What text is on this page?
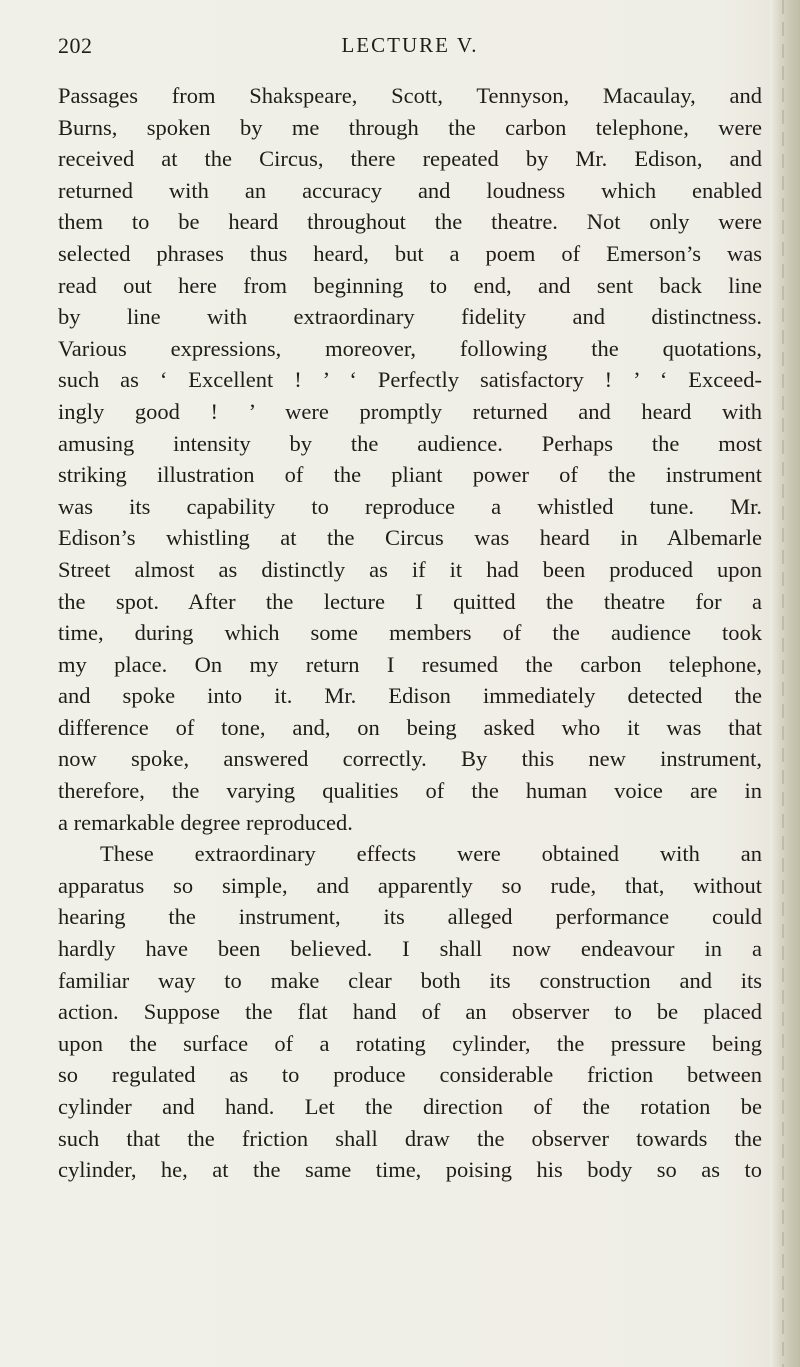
LECTURE V.
202
Passages from Shakspeare, Scott, Tennyson, Macaulay, and
Burns, spoken by me through the carbon telephone, were
received at the Circus, there repeated by Mr. Edison, and
returned with an accuracy and loudness which enabled
them to be heard throughout the theatre. Not only were
selected phrases thus heard, but a poem of Emerson’s was
read out here from beginning to end, and sent back line
by line with extraordinary fidelity and distinctness.
Various expressions, moreover, following the quotations,
such as ‘ Excellent ! ’ ‘ Perfectly satisfactory ! ’ ‘ Exceed-
ingly good ! ’ were promptly returned and heard with
amusing intensity by the audience. Perhaps the most
striking illustration of the pliant power of the instrument
was its capability to reproduce a whistled tune. Mr.
Edison’s whistling at the Circus was heard in Albemarle
Street almost as distinctly as if it had been produced upon
the spot. After the lecture I quitted the theatre for a
time, during which some members of the audience took
my place. On my return I resumed the carbon telephone,
and spoke into it. Mr. Edison immediately detected the
difference of tone, and, on being asked who it was that
now spoke, answered correctly. By this new instrument,
therefore, the varying qualities of the human voice are in
a remarkable degree reproduced.
These extraordinary effects were obtained with an
apparatus so simple, and apparently so rude, that, without
hearing the instrument, its alleged performance could
hardly have been believed. I shall now endeavour in a
familiar way to make clear both its construction and its
action. Suppose the flat hand of an observer to be placed
upon the surface of a rotating cylinder, the pressure being
so regulated as to produce considerable friction between
cylinder and hand. Let the direction of the rotation be
such that the friction shall draw the observer towards the
cylinder, he, at the same time, poising his body so as to
